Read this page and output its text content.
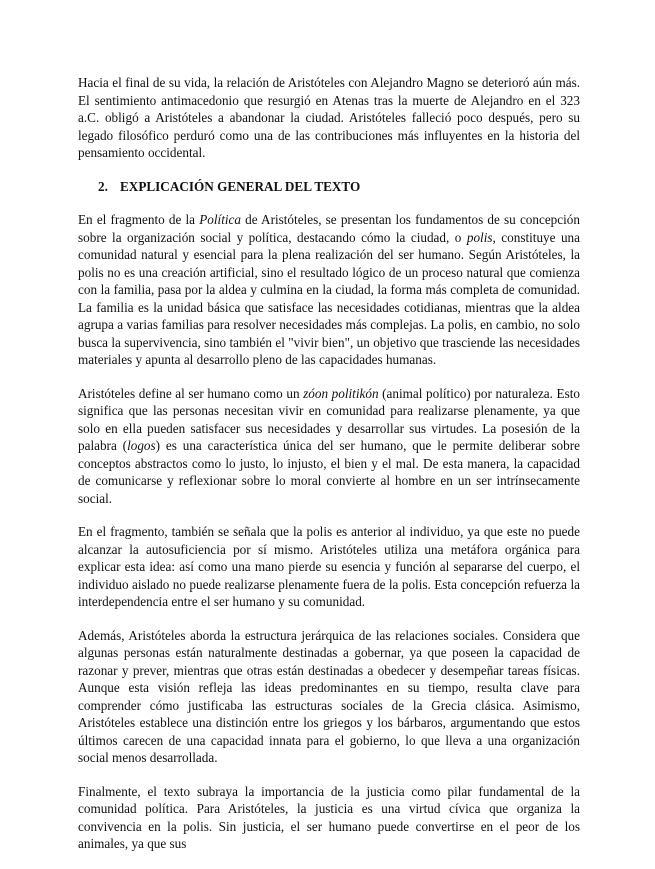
Hacia el final de su vida, la relación de Aristóteles con Alejandro Magno se deterioró aún más. El sentimiento antimacedonio que resurgió en Atenas tras la muerte de Alejandro en el 323 a.C. obligó a Aristóteles a abandonar la ciudad. Aristóteles falleció poco después, pero su legado filosófico perduró como una de las contribuciones más influyentes en la historia del pensamiento occidental.

2. EXPLICACIÓN GENERAL DEL TEXTO

En el fragmento de la Política de Aristóteles, se presentan los fundamentos de su concepción sobre la organización social y política, destacando cómo la ciudad, o polis, constituye una comunidad natural y esencial para la plena realización del ser humano. Según Aristóteles, la polis no es una creación artificial, sino el resultado lógico de un proceso natural que comienza con la familia, pasa por la aldea y culmina en la ciudad, la forma más completa de comunidad. La familia es la unidad básica que satisface las necesidades cotidianas, mientras que la aldea agrupa a varias familias para resolver necesidades más complejas. La polis, en cambio, no solo busca la supervivencia, sino también el "vivir bien", un objetivo que trasciende las necesidades materiales y apunta al desarrollo pleno de las capacidades humanas.

Aristóteles define al ser humano como un zóon politikón (animal político) por naturaleza. Esto significa que las personas necesitan vivir en comunidad para realizarse plenamente, ya que solo en ella pueden satisfacer sus necesidades y desarrollar sus virtudes. La posesión de la palabra (logos) es una característica única del ser humano, que le permite deliberar sobre conceptos abstractos como lo justo, lo injusto, el bien y el mal. De esta manera, la capacidad de comunicarse y reflexionar sobre lo moral convierte al hombre en un ser intrínsecamente social.

En el fragmento, también se señala que la polis es anterior al individuo, ya que este no puede alcanzar la autosuficiencia por sí mismo. Aristóteles utiliza una metáfora orgánica para explicar esta idea: así como una mano pierde su esencia y función al separarse del cuerpo, el individuo aislado no puede realizarse plenamente fuera de la polis. Esta concepción refuerza la interdependencia entre el ser humano y su comunidad.

Además, Aristóteles aborda la estructura jerárquica de las relaciones sociales. Considera que algunas personas están naturalmente destinadas a gobernar, ya que poseen la capacidad de razonar y prever, mientras que otras están destinadas a obedecer y desempeñar tareas físicas. Aunque esta visión refleja las ideas predominantes en su tiempo, resulta clave para comprender cómo justificaba las estructuras sociales de la Grecia clásica. Asimismo, Aristóteles establece una distinción entre los griegos y los bárbaros, argumentando que estos últimos carecen de una capacidad innata para el gobierno, lo que lleva a una organización social menos desarrollada.

Finalmente, el texto subraya la importancia de la justicia como pilar fundamental de la comunidad política. Para Aristóteles, la justicia es una virtud cívica que organiza la convivencia en la polis. Sin justicia, el ser humano puede convertirse en el peor de los animales, ya que sus
